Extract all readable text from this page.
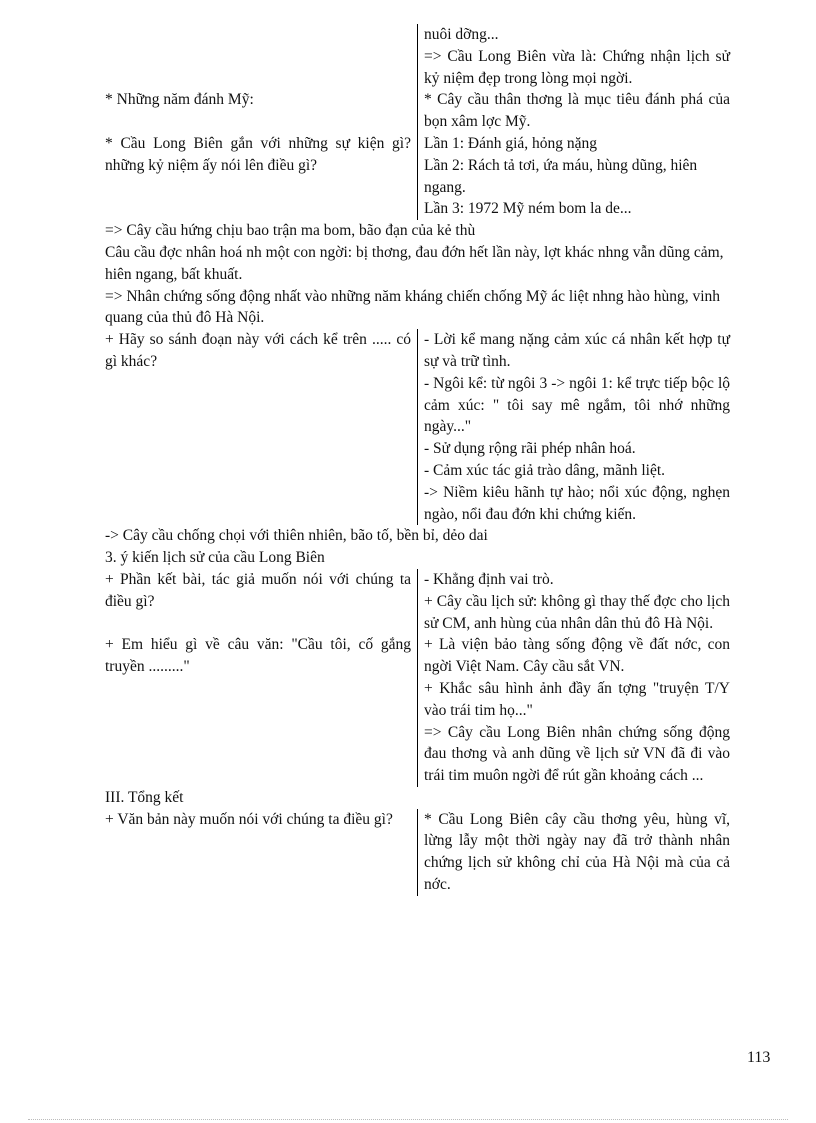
nuôi dỡng...

=> Cầu Long Biên vừa là: Chứng nhận lịch sử kỷ niệm đẹp trong lòng mọi ngời.

* Những năm đánh Mỹ:	* Cây cầu thân thơng là mục tiêu đánh phá của bọn xâm lợc Mỹ.

* Cầu Long Biên gắn với những sự kiện gì? những kỷ niệm ấy nói lên điều gì?

Lần 1: Đánh giá, hỏng nặng

Lần 2: Rách tả tơi, ứa máu, hùng dũng, hiên ngang.

Lần 3: 1972 Mỹ ném bom la de...

=> Cây cầu hứng chịu bao trận ma bom, bão đạn của kẻ thù

Câu cầu đợc nhân hoá nh một con ngời: bị thơng, đau đớn hết lần này, lợt khác nhng vẫn dũng cảm, hiên ngang, bất khuất.

=> Nhân chứng sống động nhất vào những năm kháng chiến chống Mỹ ác liệt nhng hào hùng, vinh quang của thủ đô Hà Nội.

+ Hãy so sánh đoạn này với cách kể trên ..... có gì khác?

- Lời kể mang nặng cảm xúc cá nhân kết hợp tự sự và trữ tình.

- Ngôi kể: từ ngôi 3 -> ngôi 1: kể trực tiếp bộc lộ cảm xúc: " tôi say mê ngắm, tôi nhớ những ngày..."

- Sử dụng rộng rãi phép nhân hoá.

- Cảm xúc tác giả trào dâng, mãnh liệt.

-> Niềm kiêu hãnh tự hào; nổi xúc động, nghẹn ngào, nổi đau đớn khi chứng kiến.

-> Cây cầu chống chọi với thiên nhiên, bão tố, bền bỉ, dẻo dai

3. ý kiến lịch sử của cầu Long Biên

+ Phần kết bài, tác giả muốn nói với chúng ta điều gì?

- Khẳng định vai trò.

+ Cây cầu lịch sử: không gì thay thế đợc cho lịch sử CM, anh hùng của nhân dân thủ đô Hà Nội.

+ Em hiểu gì về câu văn: "Cầu tôi, cố gắng truyền ........."

+ Là viện bảo tàng sống động về đất nớc, con ngời Việt Nam. Cây cầu sắt VN.

+ Khắc sâu hình ảnh đầy ấn tợng "truyện T/Y vào trái tim họ..."

=> Cây cầu Long Biên nhân chứng sống động đau thơng và anh dũng về lịch sử VN đã đi vào trái tim muôn ngời để rút gần khoảng cách ...

III. Tổng kết

+ Văn bản này muốn nói với chúng ta điều gì?	* Cầu Long Biên cây cầu thơng yêu, hùng vĩ, lừng lẫy một thời ngày nay đã trở thành nhân chứng lịch sử không chỉ của Hà Nội mà của cả nớc.

113
